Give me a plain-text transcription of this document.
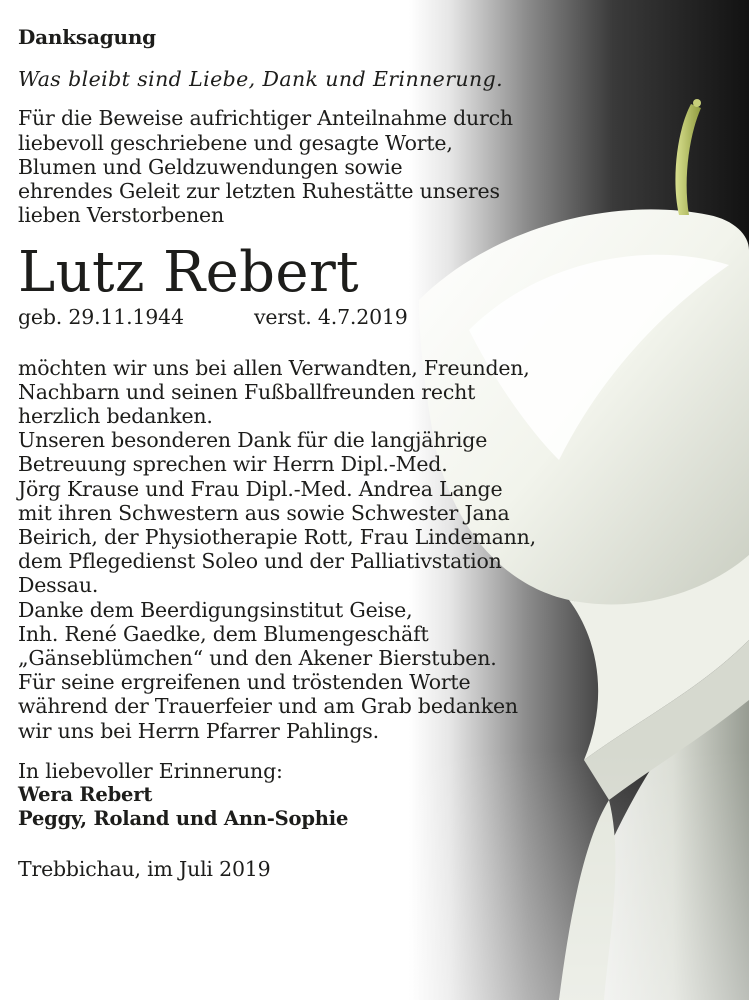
Danksagung

Was bleibt sind Liebe, Dank und Erinnerung.

Für die Beweise aufrichtiger Anteilnahme durch
liebevoll geschriebene und gesagte Worte,
Blumen und Geldzuwendungen sowie
ehrendes Geleit zur letzten Ruhestätte unseres
lieben Verstorbenen

Lutz Rebert

geb. 29.11.1944	verst. 4.7.2019

möchten wir uns bei allen Verwandten, Freunden,
Nachbarn und seinen Fußballfreunden recht
herzlich bedanken.
Unseren besonderen Dank für die langjährige
Betreuung sprechen wir Herrn Dipl.-Med.
Jörg Krause und Frau Dipl.-Med. Andrea Lange
mit ihren Schwestern aus sowie Schwester Jana
Beirich, der Physiotherapie Rott, Frau Lindemann,
dem Pflegedienst Soleo und der Palliativstation
Dessau.
Danke dem Beerdigungsinstitut Geise,
Inh. René Gaedke, dem Blumengeschäft
„Gänseblümchen“ und den Akener Bierstuben.
Für seine ergreifenen und tröstenden Worte
während der Trauerfeier und am Grab bedanken
wir uns bei Herrn Pfarrer Pahlings.

In liebevoller Erinnerung:

Wera Rebert

Peggy, Roland und Ann-Sophie

Trebbichau, im Juli 2019
